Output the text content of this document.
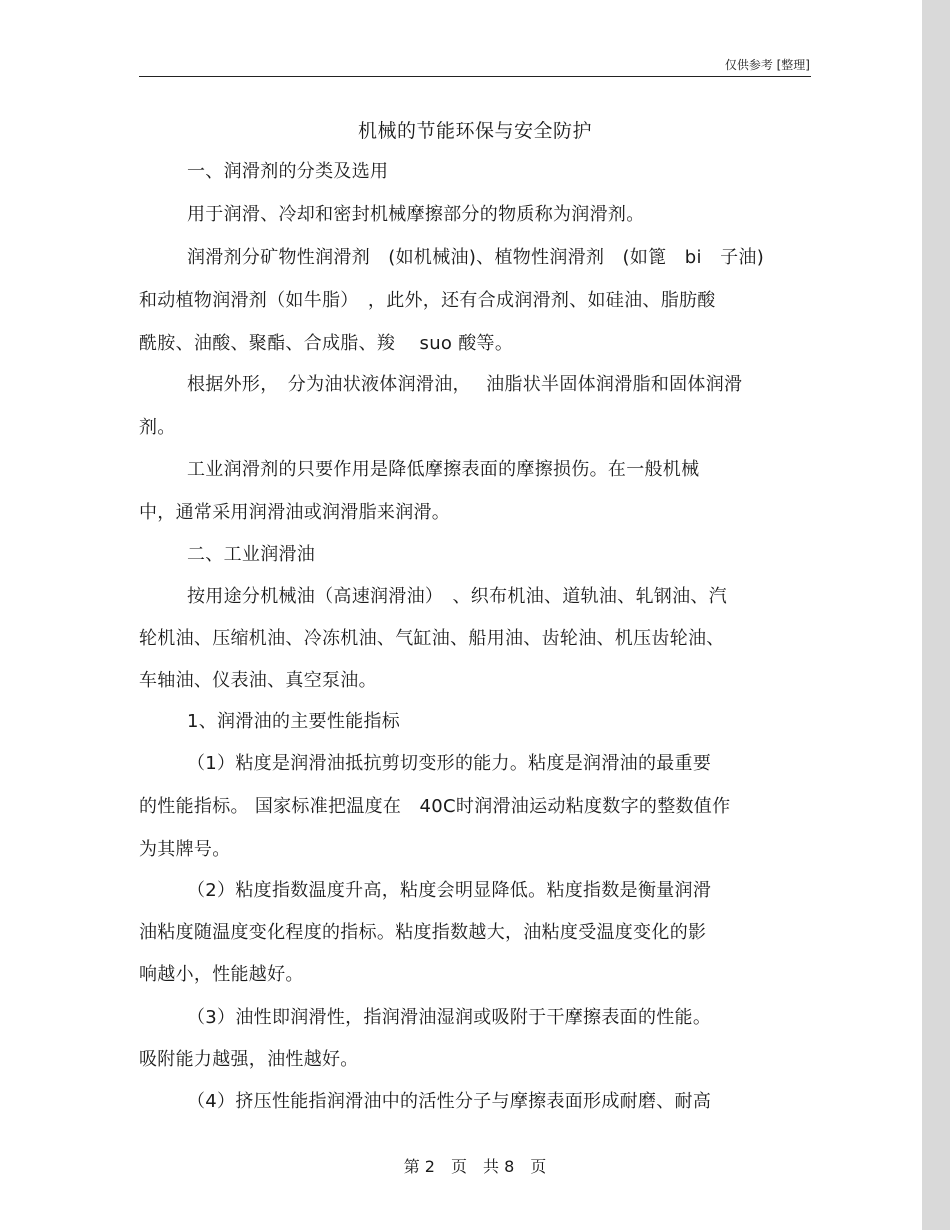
仅供参考 [整理]
机械的节能环保与安全防护
一、润滑剂的分类及选用
用于润滑、冷却和密封机械摩擦部分的物质称为润滑剂。
润滑剂分矿物性润滑剂　(如机械油)、植物性润滑剂　(如篦　bi　子油)
和动植物润滑剂（如牛脂）　，此外，还有合成润滑剂、如硅油、脂肪酸
酰胺、油酸、聚酯、合成脂、羧　 suo 酸等。
根据外形，　分为油状液体润滑油，　 油脂状半固体润滑脂和固体润滑
剂。
工业润滑剂的只要作用是降低摩擦表面的摩擦损伤。在一般机械
中，通常采用润滑油或润滑脂来润滑。
二、工业润滑油
按用途分机械油（高速润滑油）　、织布机油、道轨油、轧钢油、汽
轮机油、压缩机油、冷冻机油、气缸油、船用油、齿轮油、机压齿轮油、
车轴油、仪表油、真空泵油。
1、润滑油的主要性能指标
（1）粘度是润滑油抵抗剪切变形的能力。粘度是润滑油的最重要
的性能指标。 国家标准把温度在　40C时润滑油运动粘度数字的整数值作
为其牌号。
（2）粘度指数温度升高，粘度会明显降低。粘度指数是衡量润滑
油粘度随温度变化程度的指标。粘度指数越大，油粘度受温度变化的影
响越小，性能越好。
（3）油性即润滑性，指润滑油湿润或吸附于干摩擦表面的性能。
吸附能力越强，油性越好。
（4）挤压性能指润滑油中的活性分子与摩擦表面形成耐磨、耐高
第 2　页　共 8　页
